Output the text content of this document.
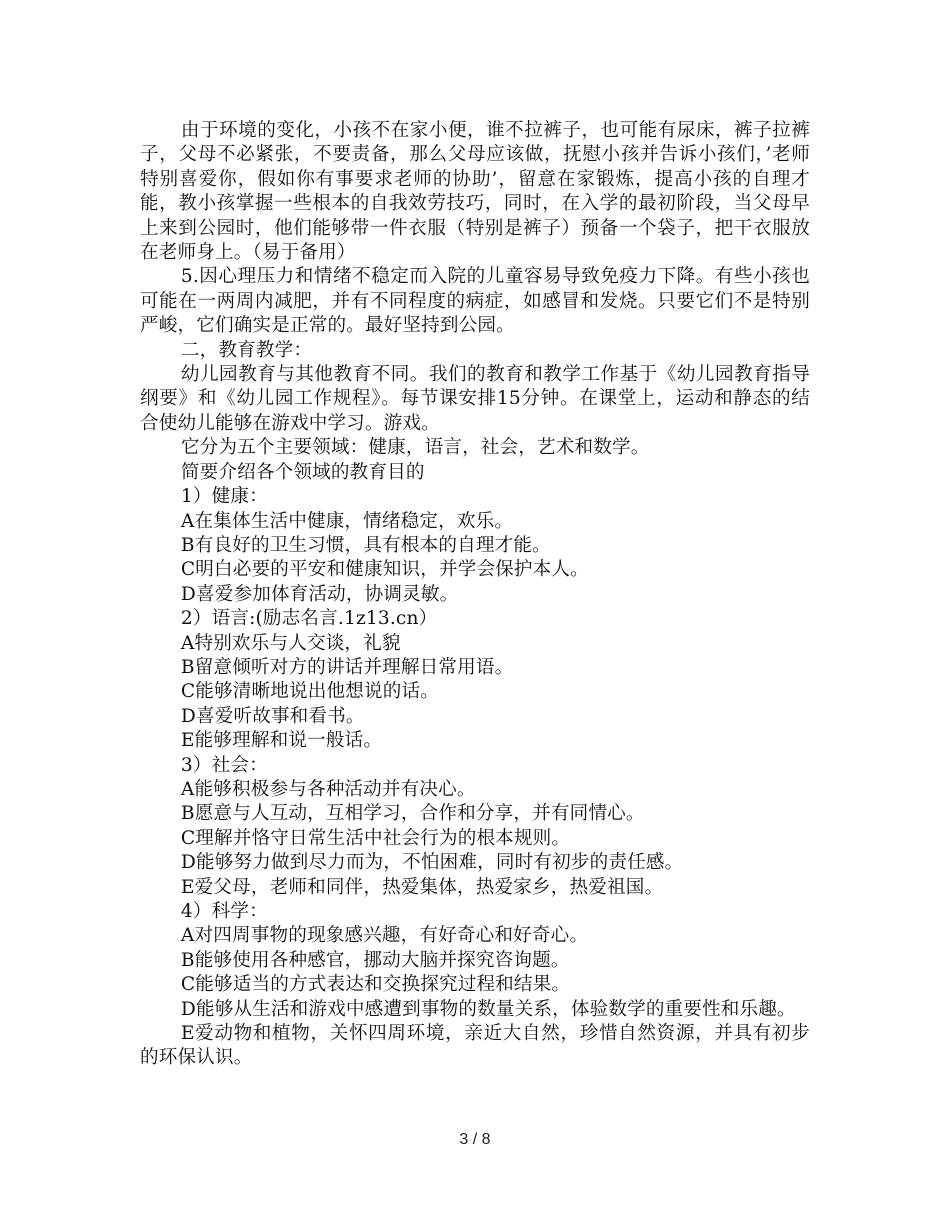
由于环境的变化，小孩不在家小便，谁不拉裤子，也可能有尿床，裤子拉裤子，父母不必紧张，不要责备，那么父母应该做，抚慰小孩并告诉小孩们，’老师特别喜爱你，假如你有事要求老师的协助’，留意在家锻炼，提高小孩的自理才能，教小孩掌握一些根本的自我效劳技巧，同时，在入学的最初阶段，当父母早上来到公园时，他们能够带一件衣服（特别是裤子）预备一个袋子，把干衣服放在老师身上。（易于备用）

5.因心理压力和情绪不稳定而入院的儿童容易导致免疫力下降。有些小孩也可能在一两周内减肥，并有不同程度的病症，如感冒和发烧。只要它们不是特别严峻，它们确实是正常的。最好坚持到公园。

二，教育教学：

幼儿园教育与其他教育不同。我们的教育和教学工作基于《幼儿园教育指导纲要》和《幼儿园工作规程》。每节课安排15分钟。在课堂上，运动和静态的结合使幼儿能够在游戏中学习。游戏。

它分为五个主要领域：健康，语言，社会，艺术和数学。

简要介绍各个领域的教育目的

1）健康：

A在集体生活中健康，情绪稳定，欢乐。

B有良好的卫生习惯，具有根本的自理才能。

C明白必要的平安和健康知识，并学会保护本人。

D喜爱参加体育活动，协调灵敏。

2）语言:(励志名言.1z13.cn）

A特别欢乐与人交谈，礼貌

B留意倾听对方的讲话并理解日常用语。

C能够清晰地说出他想说的话。

D喜爱听故事和看书。

E能够理解和说一般话。

3）社会：

A能够积极参与各种活动并有决心。

B愿意与人互动，互相学习，合作和分享，并有同情心。

C理解并恪守日常生活中社会行为的根本规则。

D能够努力做到尽力而为，不怕困难，同时有初步的责任感。

E爱父母，老师和同伴，热爱集体，热爱家乡，热爱祖国。

4）科学：

A对四周事物的现象感兴趣，有好奇心和好奇心。

B能够使用各种感官，挪动大脑并探究咨询题。

C能够适当的方式表达和交换探究过程和结果。

D能够从生活和游戏中感遭到事物的数量关系，体验数学的重要性和乐趣。

E爱动物和植物，关怀四周环境，亲近大自然，珍惜自然资源，并具有初步的环保认识。

3 / 8
